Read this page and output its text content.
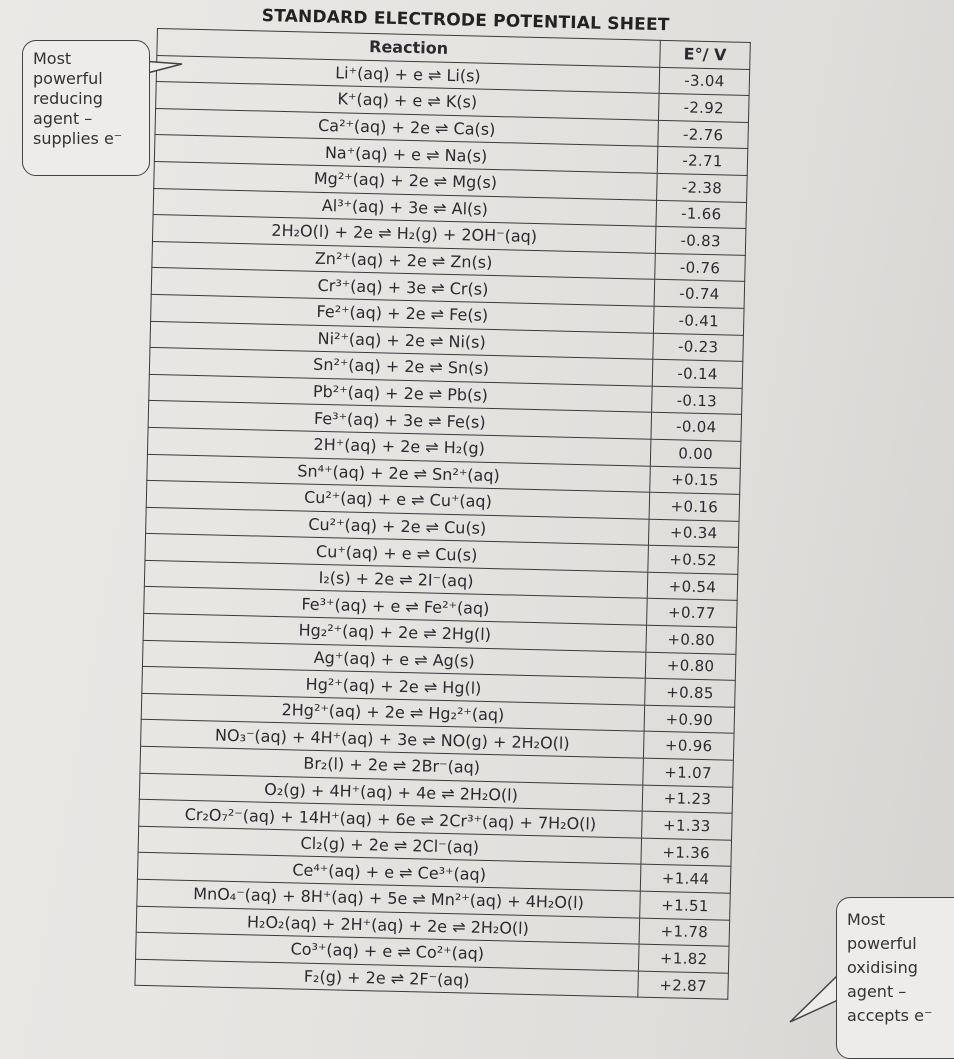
STANDARD ELECTRODE POTENTIAL SHEET
Reaction	E°/ V
Li⁺(aq) + e ⇌ Li(s)	-3.04
K⁺(aq) + e ⇌ K(s)	-2.92
Ca²⁺(aq) + 2e ⇌ Ca(s)	-2.76
Na⁺(aq) + e ⇌ Na(s)	-2.71
Mg²⁺(aq) + 2e ⇌ Mg(s)	-2.38
Al³⁺(aq) + 3e ⇌ Al(s)	-1.66
2H₂O(l) + 2e ⇌ H₂(g) + 2OH⁻(aq)	-0.83
Zn²⁺(aq) + 2e ⇌ Zn(s)	-0.76
Cr³⁺(aq) + 3e ⇌ Cr(s)	-0.74
Fe²⁺(aq) + 2e ⇌ Fe(s)	-0.41
Ni²⁺(aq) + 2e ⇌ Ni(s)	-0.23
Sn²⁺(aq) + 2e ⇌ Sn(s)	-0.14
Pb²⁺(aq) + 2e ⇌ Pb(s)	-0.13
Fe³⁺(aq) + 3e ⇌ Fe(s)	-0.04
2H⁺(aq) + 2e ⇌ H₂(g)	0.00
Sn⁴⁺(aq) + 2e ⇌ Sn²⁺(aq)	+0.15
Cu²⁺(aq) + e ⇌ Cu⁺(aq)	+0.16
Cu²⁺(aq) + 2e ⇌ Cu(s)	+0.34
Cu⁺(aq) + e ⇌ Cu(s)	+0.52
I₂(s) + 2e ⇌ 2I⁻(aq)	+0.54
Fe³⁺(aq) + e ⇌ Fe²⁺(aq)	+0.77
Hg₂²⁺(aq) + 2e ⇌ 2Hg(l)	+0.80
Ag⁺(aq) + e ⇌ Ag(s)	+0.80
Hg²⁺(aq) + 2e ⇌ Hg(l)	+0.85
2Hg²⁺(aq) + 2e ⇌ Hg₂²⁺(aq)	+0.90
NO₃⁻(aq) + 4H⁺(aq) + 3e ⇌ NO(g) + 2H₂O(l)	+0.96
Br₂(l) + 2e ⇌ 2Br⁻(aq)	+1.07
O₂(g) + 4H⁺(aq) + 4e ⇌ 2H₂O(l)	+1.23
Cr₂O₇²⁻(aq) + 14H⁺(aq) + 6e ⇌ 2Cr³⁺(aq) + 7H₂O(l)	+1.33
Cl₂(g) + 2e ⇌ 2Cl⁻(aq)	+1.36
Ce⁴⁺(aq) + e ⇌ Ce³⁺(aq)	+1.44
MnO₄⁻(aq) + 8H⁺(aq) + 5e ⇌ Mn²⁺(aq) + 4H₂O(l)	+1.51
H₂O₂(aq) + 2H⁺(aq) + 2e ⇌ 2H₂O(l)	+1.78
Co³⁺(aq) + e ⇌ Co²⁺(aq)	+1.82
F₂(g) + 2e ⇌ 2F⁻(aq)	+2.87
Most
powerful
reducing
agent –
supplies e⁻
Most
powerful
oxidising
agent –
accepts e⁻
